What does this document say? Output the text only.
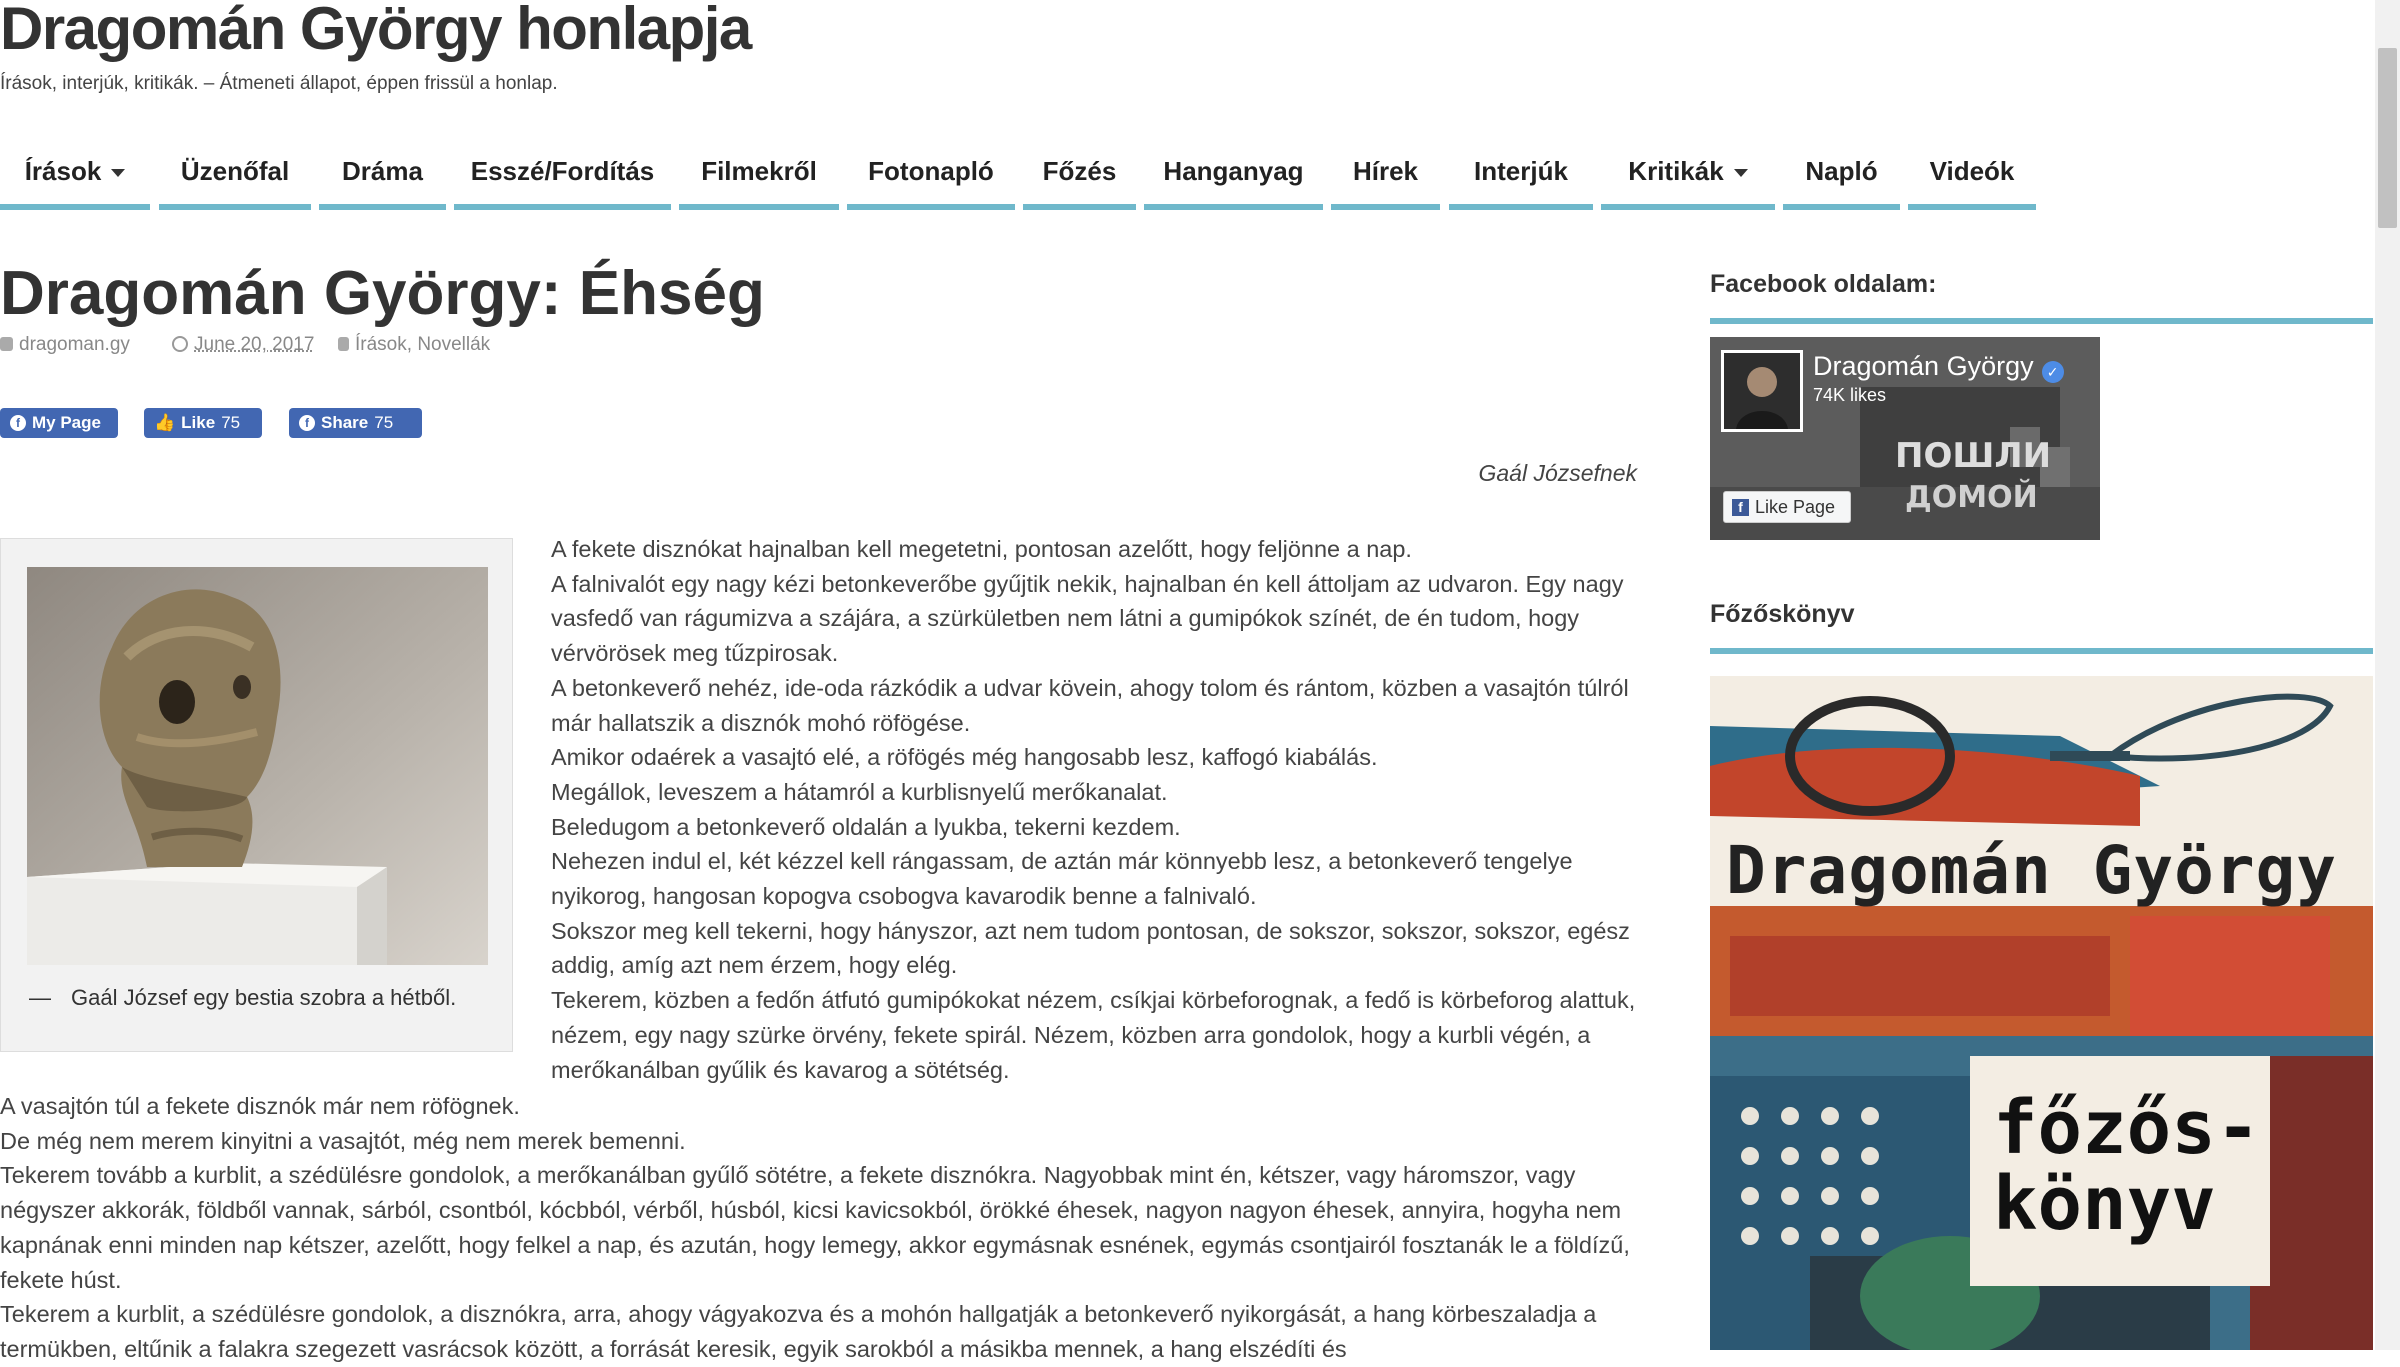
Dragomán György honlapja
Írások, interjúk, kritikák. – Átmeneti állapot, éppen frissül a honlap.
Írások	Üzenőfal	Dráma	Esszé/Fordítás	Filmekről	Fotonapló	Főzés	Hanganyag	Hírek	Interjúk	Kritikák	Napló	Videók
Dragomán György: Éhség
dragoman.gy	June 20, 2017	Írások, Novellák
f My Page	👍 Like 75	f Share 75
Gaál Józsefnek
— Gaál József egy bestia szobra a hétből.
A fekete disznókat hajnalban kell megetetni, pontosan azelőtt, hogy feljönne a nap.
A falnivalót egy nagy kézi betonkeverőbe gyűjtik nekik, hajnalban én kell áttoljam az udvaron. Egy nagy vasfedő van rágumizva a szájára, a szürkületben nem látni a gumipókok színét, de én tudom, hogy vérvörösek meg tűzpirosak.
A betonkeverő nehéz, ide-oda rázkódik a udvar kövein, ahogy tolom és rántom, közben a vasajtón túlról már hallatszik a disznók mohó röfögése.
Amikor odaérek a vasajtó elé, a röfögés még hangosabb lesz, kaffogó kiabálás.
Megállok, leveszem a hátamról a kurblisnyelű merőkanalat.
Beledugom a betonkeverő oldalán a lyukba, tekerni kezdem.
Nehezen indul el, két kézzel kell rángassam, de aztán már könnyebb lesz, a betonkeverő tengelye nyikorog, hangosan kopogva csobogva kavarodik benne a falnivaló.
Sokszor meg kell tekerni, hogy hányszor, azt nem tudom pontosan, de sokszor, sokszor, sokszor, egész addig, amíg azt nem érzem, hogy elég.
Tekerem, közben a fedőn átfutó gumipókokat nézem, csíkjai körbeforognak, a fedő is körbeforog alattuk, nézem, egy nagy szürke örvény, fekete spirál. Nézem, közben arra gondolok, hogy a kurbli végén, a merőkanálban gyűlik és kavarog a sötétség.
A vasajtón túl a fekete disznók már nem röfögnek.
De még nem merem kinyitni a vasajtót, még nem merek bemenni.
Tekerem tovább a kurblit, a szédülésre gondolok, a merőkanálban gyűlő sötétre, a fekete disznókra. Nagyobbak mint én, kétszer, vagy háromszor, vagy négyszer akkorák, földből vannak, sárból, csontból, kócbból, vérből, húsból, kicsi kavicsokból, örökké éhesek, nagyon nagyon éhesek, annyira, hogyha nem kapnának enni minden nap kétszer, azelőtt, hogy felkel a nap, és azután, hogy lemegy, akkor egymásnak esnének, egymás csontjairól fosztanák le a földízű, fekete húst.
Tekerem a kurblit, a szédülésre gondolok, a disznókra, arra, ahogy vágyakozva és a mohón hallgatják a betonkeverő nyikorgását, a hang körbeszaladja a termükben, eltűnik a falakra szegezett vasrácsok között, a forrását keresik, egyik sarokból a másikba mennek, a hang elszédíti és
Facebook oldalam:
ПОШЛИ
ДОМОЙ
Dragomán György ✓
74K likes
f Like Page
Főzőskönyv
Dragomán György
főzős-
könyv
